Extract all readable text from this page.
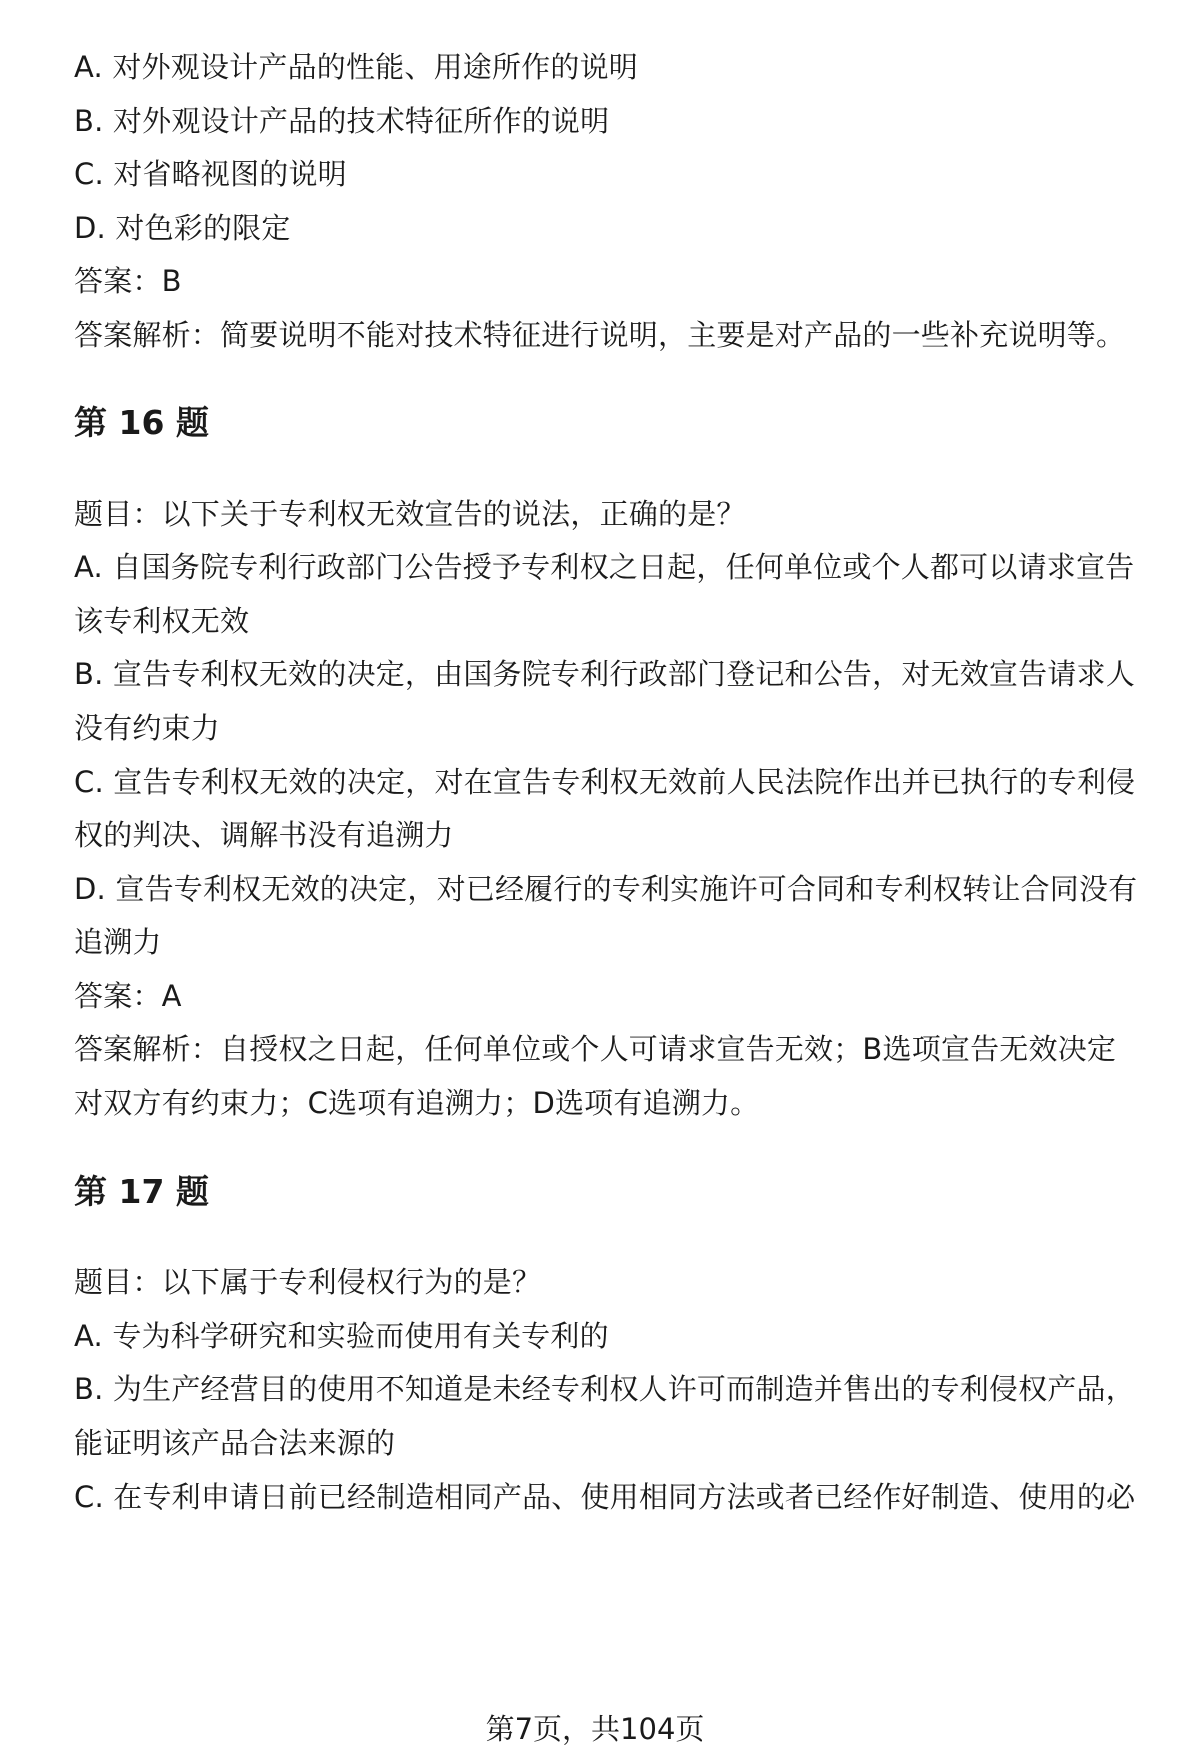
A. 对外观设计产品的性能、用途所作的说明
B. 对外观设计产品的技术特征所作的说明
C. 对省略视图的说明
D. 对色彩的限定
答案：B
答案解析：简要说明不能对技术特征进行说明，主要是对产品的一些补充说明等。
第 16 题
题目：以下关于专利权无效宣告的说法，正确的是？
A. 自国务院专利行政部门公告授予专利权之日起，任何单位或个人都可以请求宣告
该专利权无效
B. 宣告专利权无效的决定，由国务院专利行政部门登记和公告，对无效宣告请求人
没有约束力
C. 宣告专利权无效的决定，对在宣告专利权无效前人民法院作出并已执行的专利侵
权的判决、调解书没有追溯力
D. 宣告专利权无效的决定，对已经履行的专利实施许可合同和专利权转让合同没有
追溯力
答案：A
答案解析：自授权之日起，任何单位或个人可请求宣告无效；B选项宣告无效决定
对双方有约束力；C选项有追溯力；D选项有追溯力。
第 17 题
题目：以下属于专利侵权行为的是？
A. 专为科学研究和实验而使用有关专利的
B. 为生产经营目的使用不知道是未经专利权人许可而制造并售出的专利侵权产品，
能证明该产品合法来源的
C. 在专利申请日前已经制造相同产品、使用相同方法或者已经作好制造、使用的必
第7页，共104页
